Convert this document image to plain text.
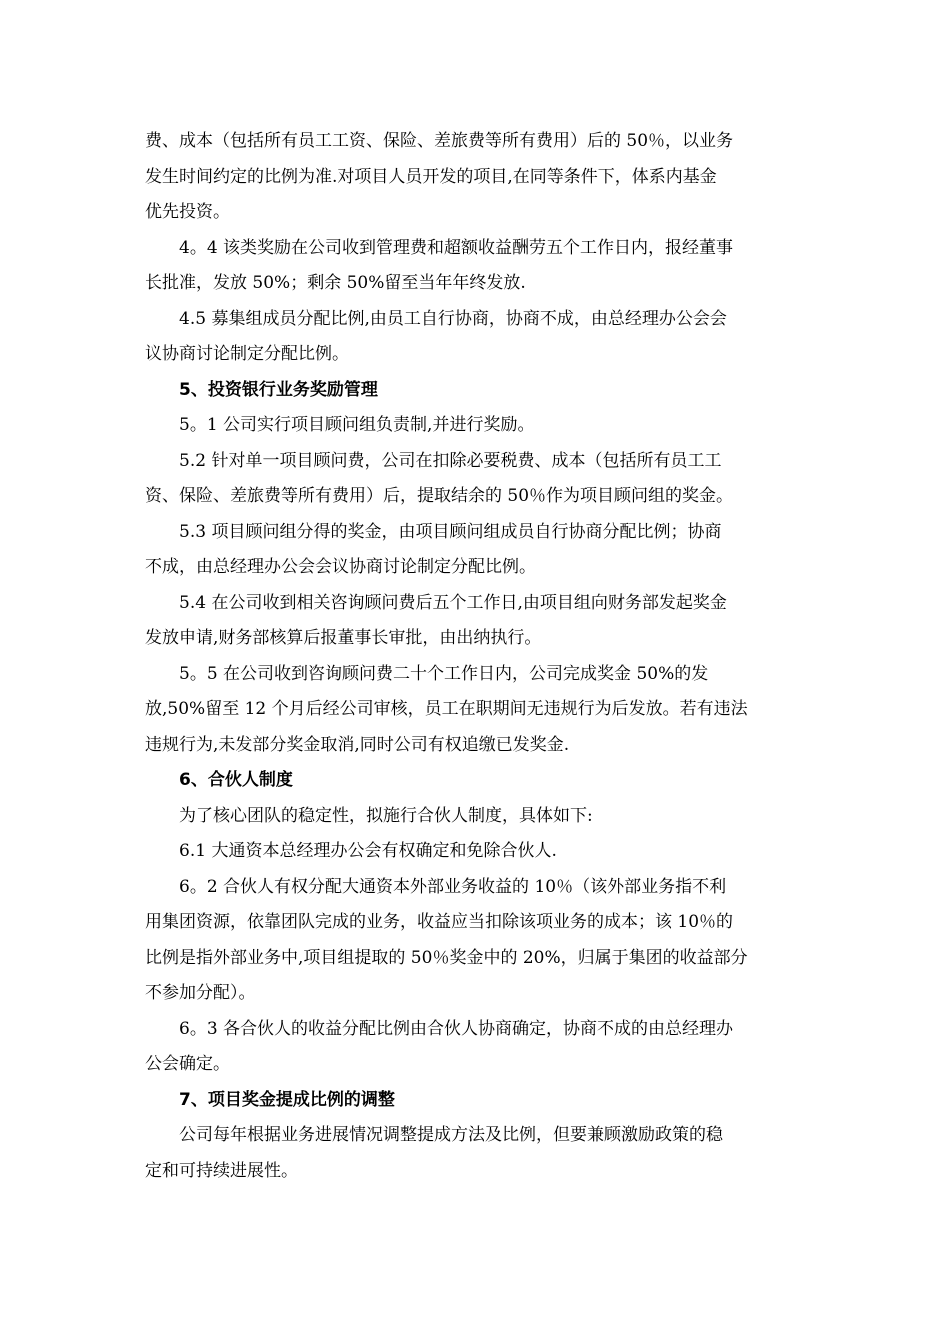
费、成本（包括所有员工工资、保险、差旅费等所有费用）后的 50％，以业务
发生时间约定的比例为准.对项目人员开发的项目,在同等条件下，体系内基金
优先投资。
4。4 该类奖励在公司收到管理费和超额收益酬劳五个工作日内，报经董事
长批准，发放 50%；剩余 50%留至当年年终发放.
4.5 募集组成员分配比例,由员工自行协商，协商不成，由总经理办公会会
议协商讨论制定分配比例。
5、投资银行业务奖励管理
5。1 公司实行项目顾问组负责制,并进行奖励。
5.2 针对单一项目顾问费，公司在扣除必要税费、成本（包括所有员工工
资、保险、差旅费等所有费用）后，提取结余的 50％作为项目顾问组的奖金。
5.3 项目顾问组分得的奖金，由项目顾问组成员自行协商分配比例；协商
不成，由总经理办公会会议协商讨论制定分配比例。
5.4 在公司收到相关咨询顾问费后五个工作日,由项目组向财务部发起奖金
发放申请,财务部核算后报董事长审批，由出纳执行。
5。5 在公司收到咨询顾问费二十个工作日内，公司完成奖金 50%的发
放,50%留至 12 个月后经公司审核，员工在职期间无违规行为后发放。若有违法
违规行为,未发部分奖金取消,同时公司有权追缴已发奖金.
6、合伙人制度
为了核心团队的稳定性，拟施行合伙人制度，具体如下:
6.1 大通资本总经理办公会有权确定和免除合伙人.
6。2 合伙人有权分配大通资本外部业务收益的 10％（该外部业务指不利
用集团资源，依靠团队完成的业务，收益应当扣除该项业务的成本；该 10％的
比例是指外部业务中,项目组提取的 50％奖金中的 20%，归属于集团的收益部分
不参加分配）。
6。3 各合伙人的收益分配比例由合伙人协商确定，协商不成的由总经理办
公会确定。
7、项目奖金提成比例的调整
公司每年根据业务进展情况调整提成方法及比例，但要兼顾激励政策的稳
定和可持续进展性。
